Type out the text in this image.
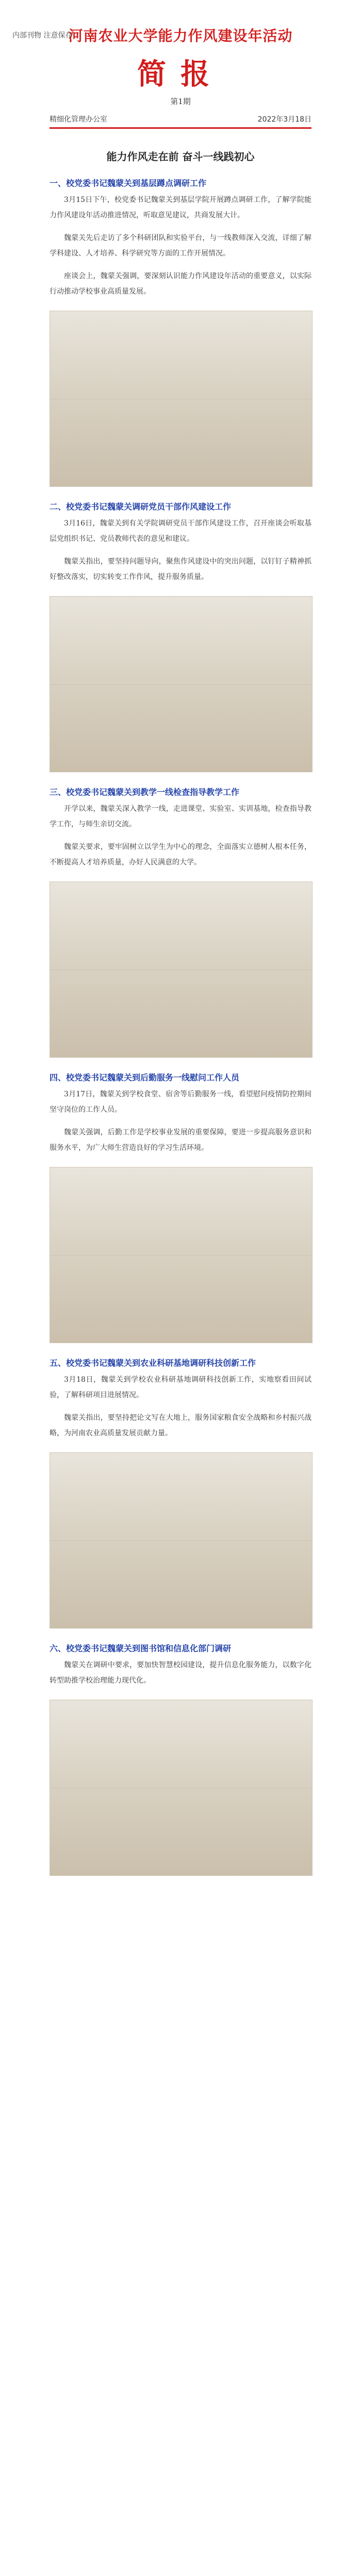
内部刊物 注意保存
河南农业大学能力作风建设年活动
简报
第1期
精细化管理办公室	2022年3月18日
能力作风走在前 奋斗一线践初心
一、校党委书记魏蒙关到基层蹲点调研工作

3月15日下午，校党委书记魏蒙关到基层学院开展蹲点调研工作，了解学院能力作风建设年活动推进情况，听取意见建议，共商发展大计。

魏蒙关先后走访了多个科研团队和实验平台，与一线教师深入交流，详细了解学科建设、人才培养、科学研究等方面的工作开展情况。

座谈会上，魏蒙关强调，要深刻认识能力作风建设年活动的重要意义，以实际行动推动学校事业高质量发展。

二、校党委书记魏蒙关调研党员干部作风建设工作

3月16日，魏蒙关到有关学院调研党员干部作风建设工作，召开座谈会听取基层党组织书记、党员教师代表的意见和建议。

魏蒙关指出，要坚持问题导向，聚焦作风建设中的突出问题，以钉钉子精神抓好整改落实，切实转变工作作风，提升服务质量。

三、校党委书记魏蒙关到教学一线检查指导教学工作

开学以来，魏蒙关深入教学一线，走进课堂、实验室、实训基地，检查指导教学工作，与师生亲切交流。

魏蒙关要求，要牢固树立以学生为中心的理念，全面落实立德树人根本任务，不断提高人才培养质量，办好人民满意的大学。

四、校党委书记魏蒙关到后勤服务一线慰问工作人员

3月17日，魏蒙关到学校食堂、宿舍等后勤服务一线，看望慰问疫情防控期间坚守岗位的工作人员。

魏蒙关强调，后勤工作是学校事业发展的重要保障，要进一步提高服务意识和服务水平，为广大师生营造良好的学习生活环境。

五、校党委书记魏蒙关到农业科研基地调研科技创新工作

3月18日，魏蒙关到学校农业科研基地调研科技创新工作，实地察看田间试验，了解科研项目进展情况。

魏蒙关指出，要坚持把论文写在大地上，服务国家粮食安全战略和乡村振兴战略，为河南农业高质量发展贡献力量。

六、校党委书记魏蒙关到图书馆和信息化部门调研

魏蒙关在调研中要求，要加快智慧校园建设，提升信息化服务能力，以数字化转型助推学校治理能力现代化。
